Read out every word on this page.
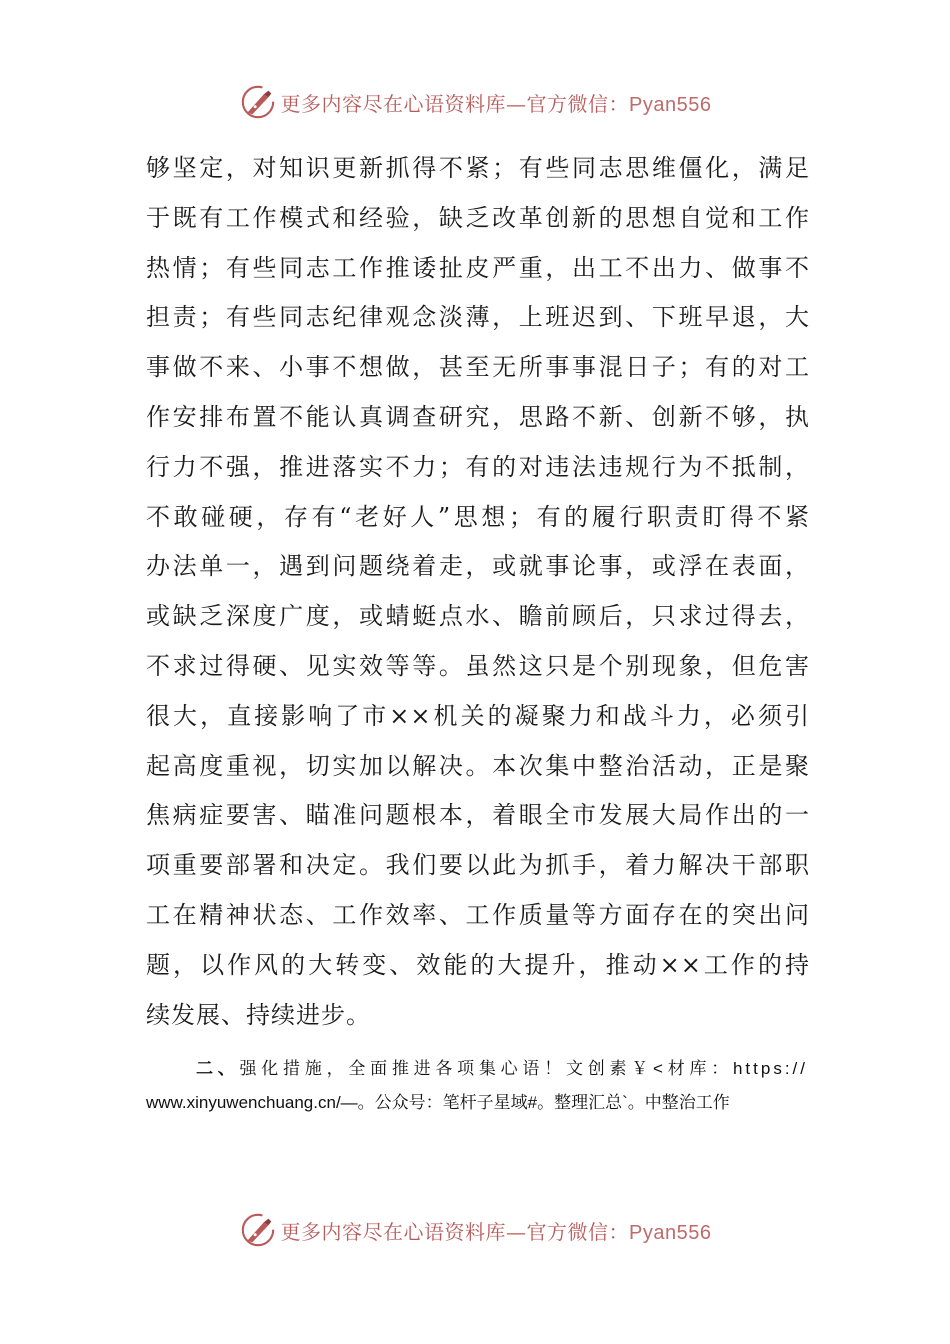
更多内容尽在心语资料库—官方微信：Pyan556
够坚定，对知识更新抓得不紧；有些同志思维僵化，满足
于既有工作模式和经验，缺乏改革创新的思想自觉和工作
热情；有些同志工作推诿扯皮严重，出工不出力、做事不
担责；有些同志纪律观念淡薄，上班迟到、下班早退，大
事做不来、小事不想做，甚至无所事事混日子；有的对工
作安排布置不能认真调查研究，思路不新、创新不够，执
行力不强，推进落实不力；有的对违法违规行为不抵制，
不敢碰硬，存有“老好人”思想；有的履行职责盯得不紧
办法单一，遇到问题绕着走，或就事论事，或浮在表面，
或缺乏深度广度，或蜻蜓点水、瞻前顾后，只求过得去，
不求过得硬、见实效等等。虽然这只是个别现象，但危害
很大，直接影响了市××机关的凝聚力和战斗力，必须引
起高度重视，切实加以解决。本次集中整治活动，正是聚
焦病症要害、瞄准问题根本，着眼全市发展大局作出的一
项重要部署和决定。我们要以此为抓手，着力解决干部职
工在精神状态、工作效率、工作质量等方面存在的突出问
题，以作风的大转变、效能的大提升，推动××工作的持
续发展、持续进步。
二、强化措施，全面推进各项集心语！文创素￥<材库：https://
www.xinyuwenchuang.cn/—。公众号：笔杆子星域#。整理汇总`。中整治工作
更多内容尽在心语资料库—官方微信：Pyan556
